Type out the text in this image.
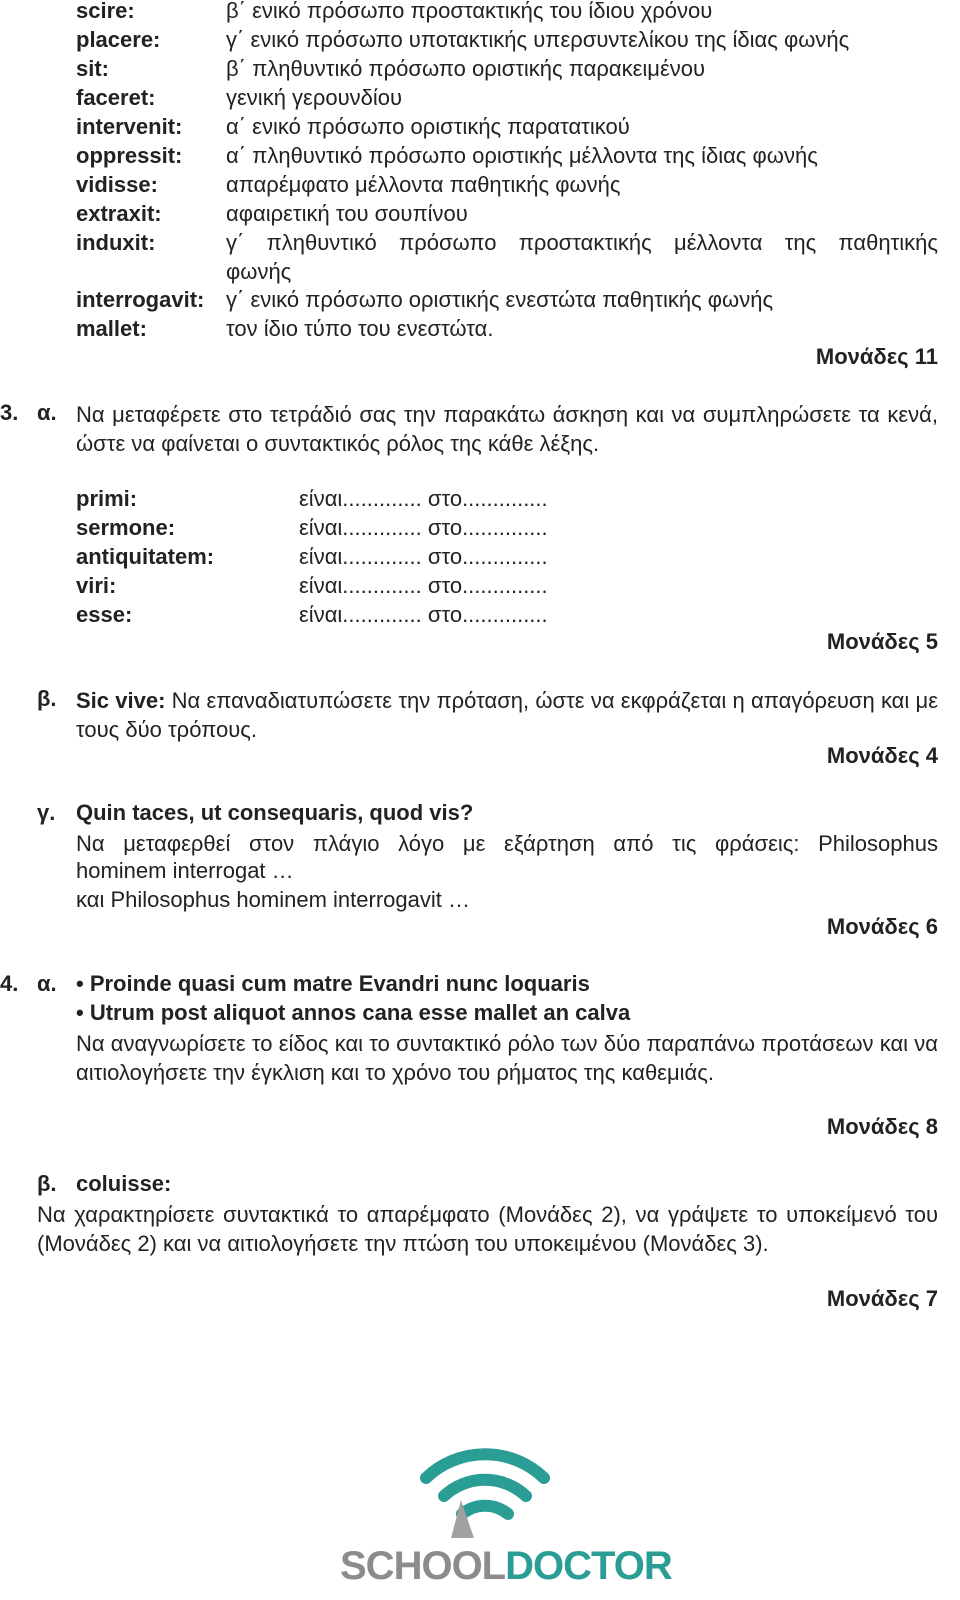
scire:	β΄ ενικό πρόσωπο προστακτικής του ίδιου χρόνου
placere:	γ΄ ενικό πρόσωπο υποτακτικής υπερσυντελίκου της ίδιας φωνής
sit:	β΄ πληθυντικό πρόσωπο οριστικής παρακειμένου
faceret:	γενική γερουνδίου
intervenit: α΄ ενικό πρόσωπο οριστικής παρατατικού
oppressit: α΄ πληθυντικό πρόσωπο οριστικής μέλλοντα της ίδιας φωνής
vidisse:	απαρέμφατο μέλλοντα παθητικής φωνής
extraxit:	αφαιρετική του σουπίνου
induxit:	γ΄ πληθυντικό πρόσωπο προστακτικής μέλλοντα της παθητικής
φωνής
interrogavit: γ΄ ενικό πρόσωπο οριστικής ενεστώτα παθητικής φωνής
mallet:	τον ίδιο τύπο του ενεστώτα.
Μονάδες 11
3. α. Να μεταφέρετε στο τετράδιό σας την παρακάτω άσκηση και να συμπληρώσετε τα κενά, ώστε να φαίνεται ο συντακτικός ρόλος της κάθε λέξης.
primi:	είναι............. στο..............
sermone:	είναι............. στο..............
antiquitatem:	είναι............. στο..............
viri:	είναι............. στο..............
esse:	είναι............. στο..............
Μονάδες 5
β. Sic vive: Να επαναδιατυπώσετε την πρόταση, ώστε να εκφράζεται η απαγόρευση και με τους δύο τρόπους.
Μονάδες 4
γ. Quin taces, ut consequaris, quod vis?
Να μεταφερθεί στον πλάγιο λόγο με εξάρτηση από τις φράσεις: Philosophus
hominem interrogat …
και Philosophus hominem interrogavit …
Μονάδες 6
4. α. • Proinde quasi cum matre Evandri nunc loquaris
• Utrum post aliquot annos cana esse mallet an calva
Να αναγνωρίσετε το είδος και το συντακτικό ρόλο των δύο παραπάνω προτάσεων και να αιτιολογήσετε την έγκλιση και το χρόνο του ρήματος της καθεμιάς.
Μονάδες 8
β. coluisse:
Να χαρακτηρίσετε συντακτικά το απαρέμφατο (Μονάδες 2), να γράψετε το υποκείμενό του (Μονάδες 2) και να αιτιολογήσετε την πτώση του υποκειμένου (Μονάδες 3).
Μονάδες 7
SCHOOLDOCTOR
